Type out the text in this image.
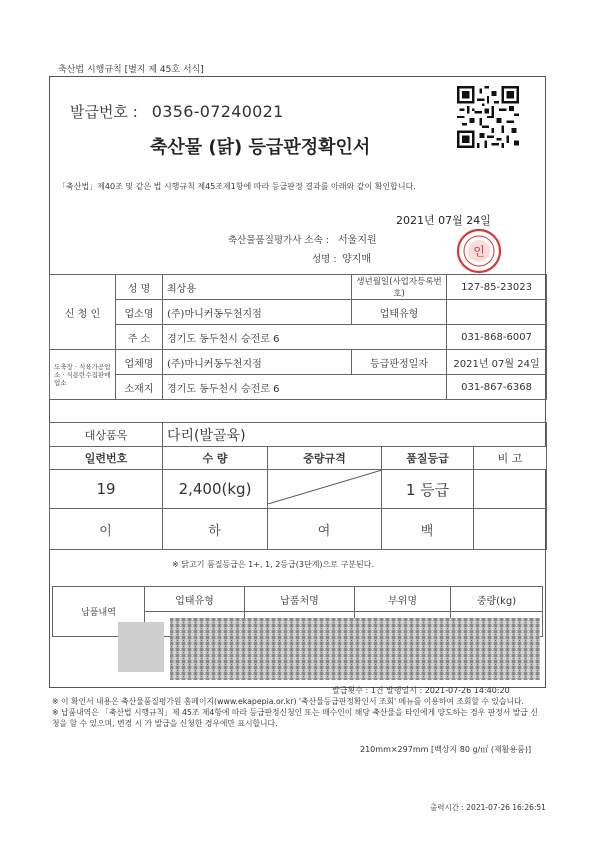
축산법 시행규칙 [별지 제 45호 서식]
발급번호 : 0356-07240021
축산물 (닭) 등급판정확인서
「축산법」제40조 및 같은 법 시행규칙 제45조제1항에 따라 등급판정 결과를 아래와 같이 확인합니다.
2021년 07월 24일
축산물품질평가사 소속 : 서울지원
성명 : 양지매
인
신 청 인	성 명	최상용	생년월일(사업자등록번호)	127-85-23023
	업소명	(주)마니커동두천지점	업태유형	
	주 소	경기도 동두천시 승전로 6		031-868-6007
도축장 · 식육가공업소 · 식용란수집판매업소	업체명	(주)마니커동두천지점	등급판정일자	2021년 07월 24일
	소재지	경기도 동두천시 승전로 6		031-867-6368
대상품목	다리(발골육)
일련번호	수 량	중량규격	품질등급	비 고
19	2,400(kg)		1 등급	
이	하	여	백	
※ 닭고기 품질등급은 1+, 1, 2등급(3단계)으로 구분된다.
납품내역	업태유형	납품처명	부위명	중량(kg)

발급횟수 : 1건 발행일시 : 2021-07-26 14:40:20
※ 이 확인서 내용은 축산물품질평가원 홈페이지(www.ekapepia.or.kr) '축산물등급판정확인서 조회' 메뉴를 이용하여 조회할 수 있습니다.
※ 납품내역은 「축산법 시행규칙」제 45조 제4항에 따라 등급판정신청인 또는 매수인이 해당 축산물을 타인에게 양도하는 경우 판정서 발급 신청을 할 수 있으며, 변경 시 가 발급을 신청한 경우에만 표시합니다.
210mm×297mm [백상지 80 g/㎡ (재활용품)]
출력시간 : 2021-07-26 16:26:51
